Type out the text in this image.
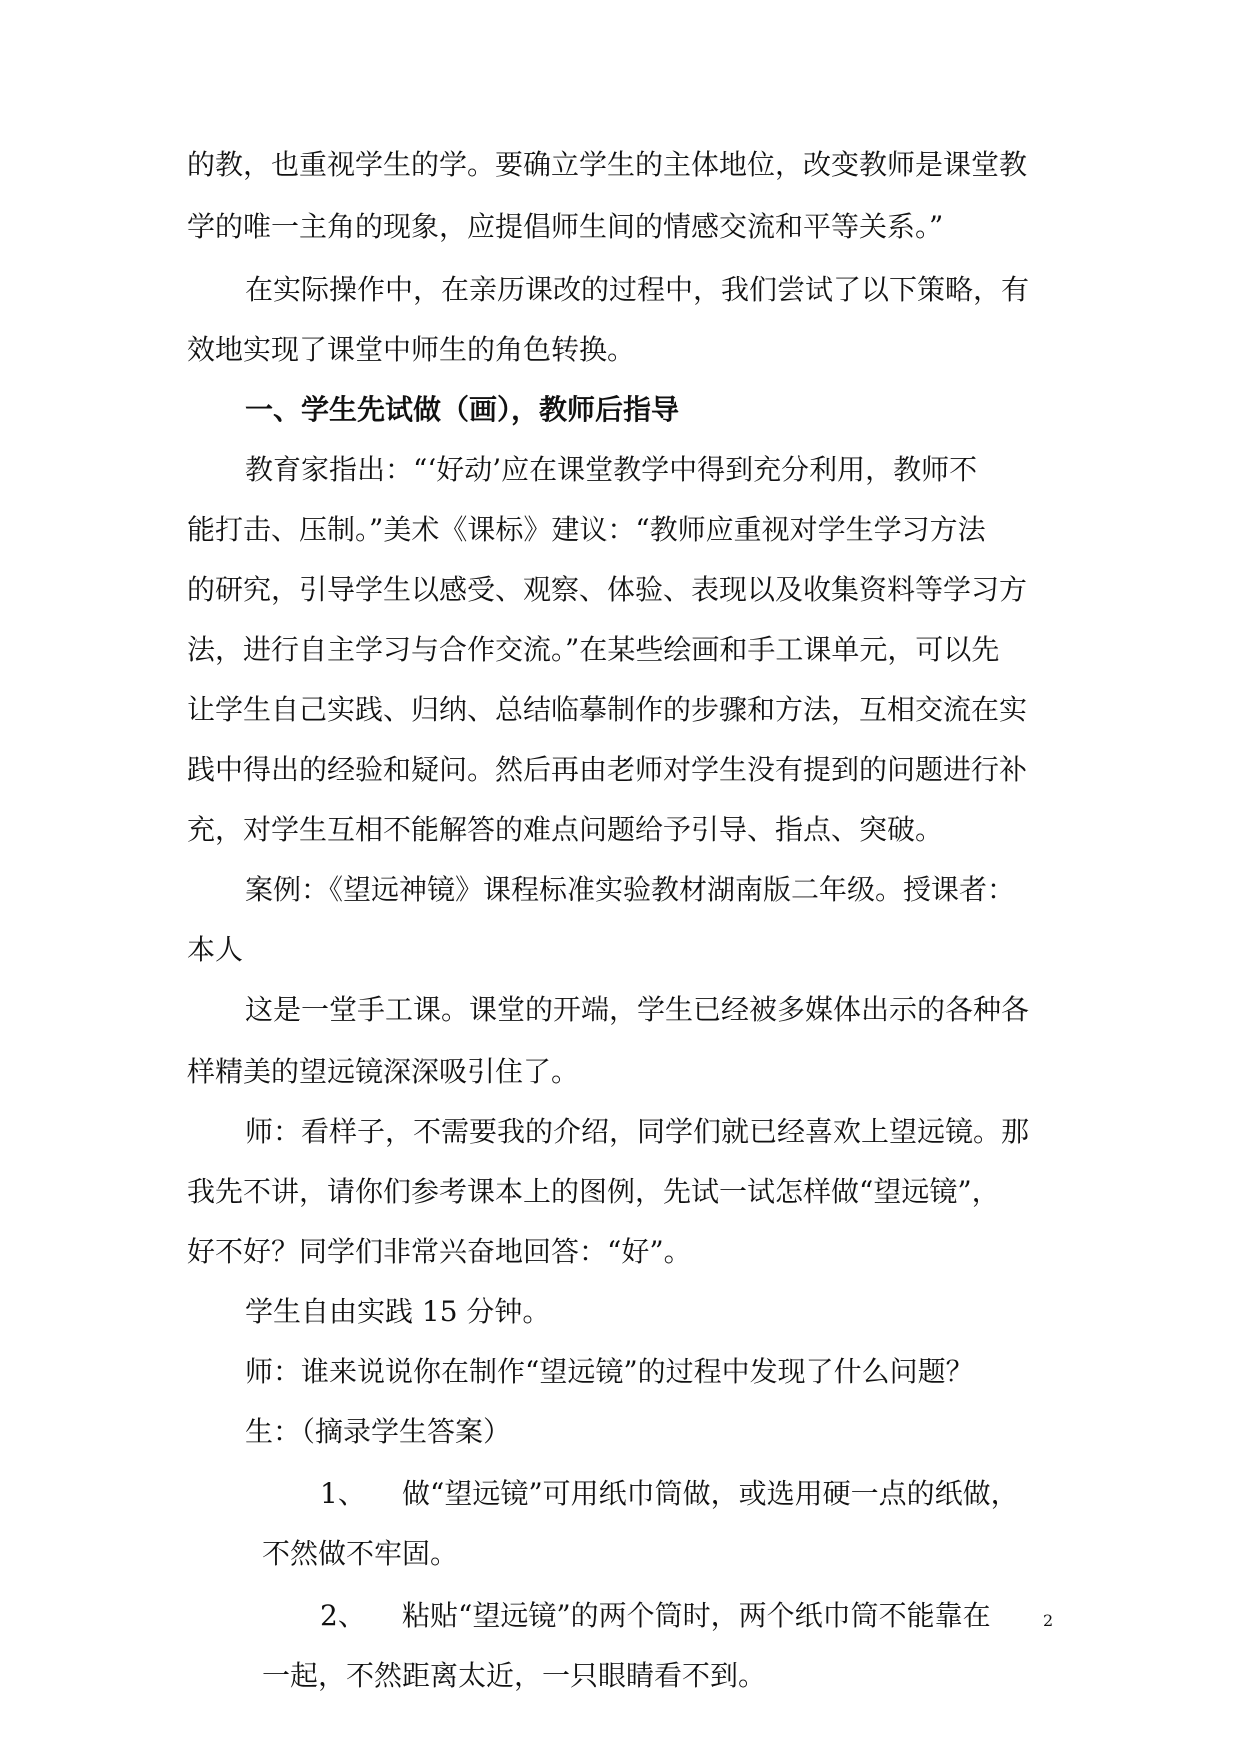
的教，也重视学生的学。要确立学生的主体地位，改变教师是课堂教
学的唯一主角的现象，应提倡师生间的情感交流和平等关系。”
在实际操作中，在亲历课改的过程中，我们尝试了以下策略，有
效地实现了课堂中师生的角色转换。
一、学生先试做（画），教师后指导
教育家指出：“‘好动’应在课堂教学中得到充分利用，教师不
能打击、压制。”美术《课标》建议：“教师应重视对学生学习方法
的研究，引导学生以感受、观察、体验、表现以及收集资料等学习方
法，进行自主学习与合作交流。”在某些绘画和手工课单元，可以先
让学生自己实践、归纳、总结临摹制作的步骤和方法，互相交流在实
践中得出的经验和疑问。然后再由老师对学生没有提到的问题进行补
充，对学生互相不能解答的难点问题给予引导、指点、突破。
案例：《望远神镜》课程标准实验教材湖南版二年级。授课者：
本人
这是一堂手工课。课堂的开端，学生已经被多媒体出示的各种各
样精美的望远镜深深吸引住了。
师：看样子，不需要我的介绍，同学们就已经喜欢上望远镜。那
我先不讲，请你们参考课本上的图例，先试一试怎样做“望远镜”，
好不好？同学们非常兴奋地回答：“好”。
学生自由实践 15 分钟。
师：谁来说说你在制作“望远镜”的过程中发现了什么问题？
生：（摘录学生答案）
1、 做“望远镜”可用纸巾筒做，或选用硬一点的纸做，
不然做不牢固。
2、 粘贴“望远镜”的两个筒时，两个纸巾筒不能靠在
一起，不然距离太近，一只眼睛看不到。
2
